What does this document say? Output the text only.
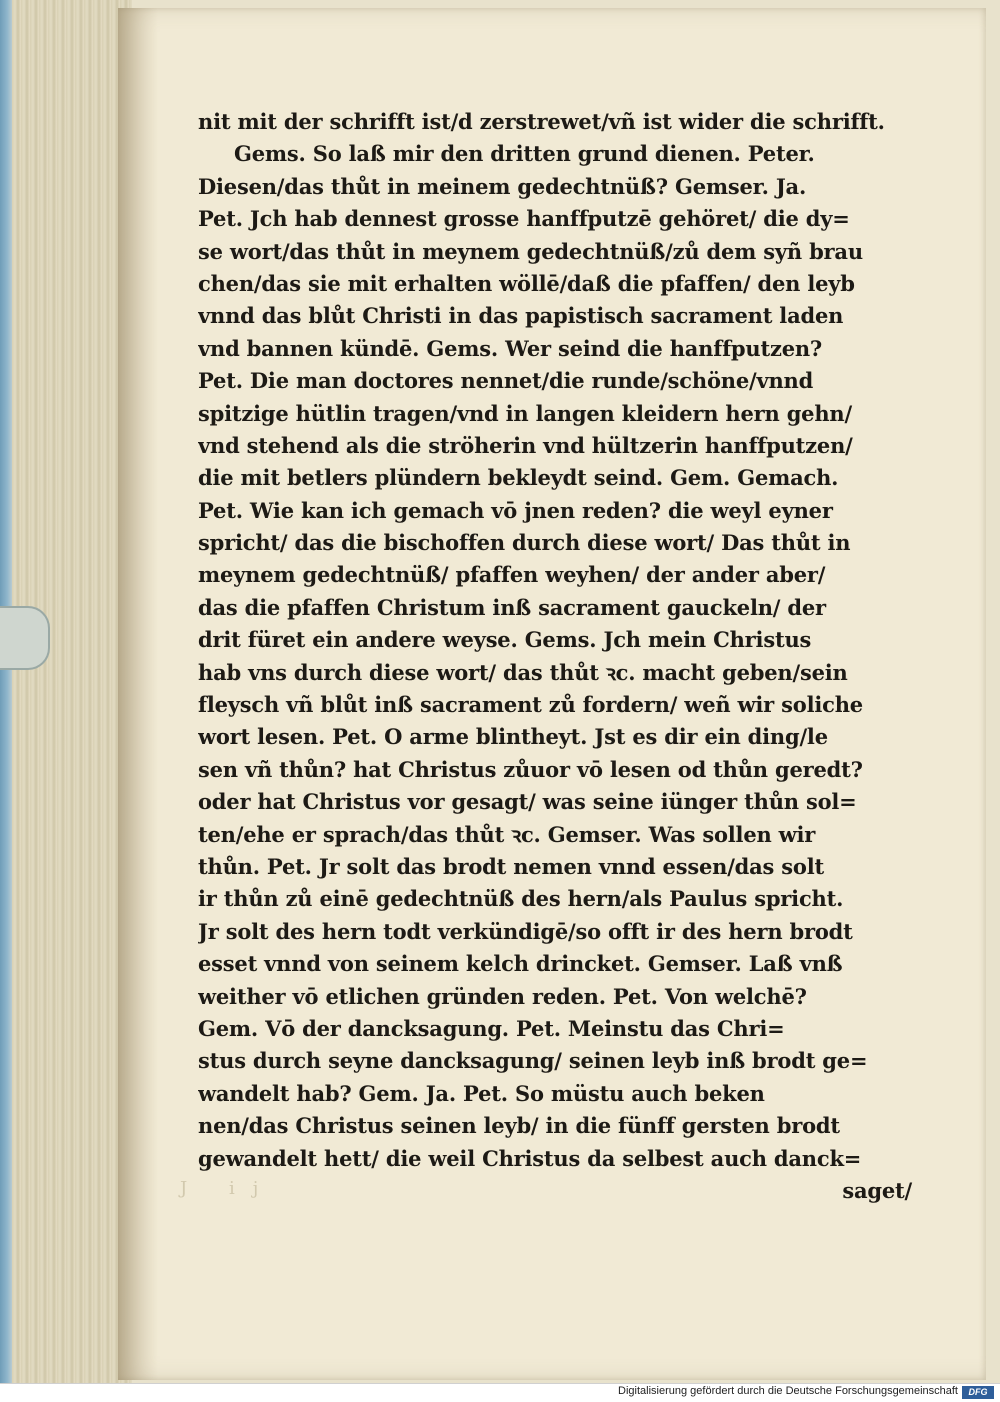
nit mit der schrifft ist/d zerstrewet/vñ ist wider die schrifft.
Gems. So laß mir den dritten grund dienen. Peter.
Diesen/das thůt in meinem gedechtnüß? Gemser. Ja.
Pet. Jch hab dennest grosse hanffputzē gehöret/ die dy=
se wort/das thůt in meynem gedechtnüß/zů dem syñ brau
chen/das sie mit erhalten wöllē/daß die pfaffen/ den leyb
vnnd das blůt Christi in das papistisch sacrament laden
vnd bannen kündē. Gems. Wer seind die hanffputzen?
Pet. Die man doctores nennet/die runde/schöne/vnnd
spitzige hütlin tragen/vnd in langen kleidern hern gehn/
vnd stehend als die ströherin vnd hültzerin hanffputzen/
die mit betlers plündern bekleydt seind. Gem. Gemach.
Pet. Wie kan ich gemach vō jnen reden? die weyl eyner
spricht/ das die bischoffen durch diese wort/ Das thůt in
meynem gedechtnüß/ pfaffen weyhen/ der ander aber/
das die pfaffen Christum inß sacrament gauckeln/ der
drit füret ein andere weyse. Gems. Jch mein Christus
hab vns durch diese wort/ das thůt ꝛc. macht geben/sein
fleysch vñ blůt inß sacrament zů fordern/ weñ wir soliche
wort lesen. Pet. O arme blintheyt. Jst es dir ein ding/le
sen vñ thůn? hat Christus zůuor vō lesen od thůn geredt?
oder hat Christus vor gesagt/ was seine iünger thůn sol=
ten/ehe er sprach/das thůt ꝛc. Gemser. Was sollen wir
thůn. Pet. Jr solt das brodt nemen vnnd essen/das solt
ir thůn zů einē gedechtnüß des hern/als Paulus spricht.
Jr solt des hern todt verkündigē/so offt ir des hern brodt
esset vnnd von seinem kelch drincket. Gemser. Laß vnß
weither vō etlichen gründen reden. Pet. Von welchē?
Gem. Vō der dancksagung. Pet. Meinstu das Chri=
stus durch seyne dancksagung/ seinen leyb inß brodt ge=
wandelt hab? Gem. Ja. Pet. So müstu auch beken
nen/das Christus seinen leyb/ in die fünff gersten brodt
gewandelt hett/ die weil Christus da selbest auch danck=
saget/
J ij
Digitalisierung gefördert durch die Deutsche Forschungsgemeinschaft	DFG
